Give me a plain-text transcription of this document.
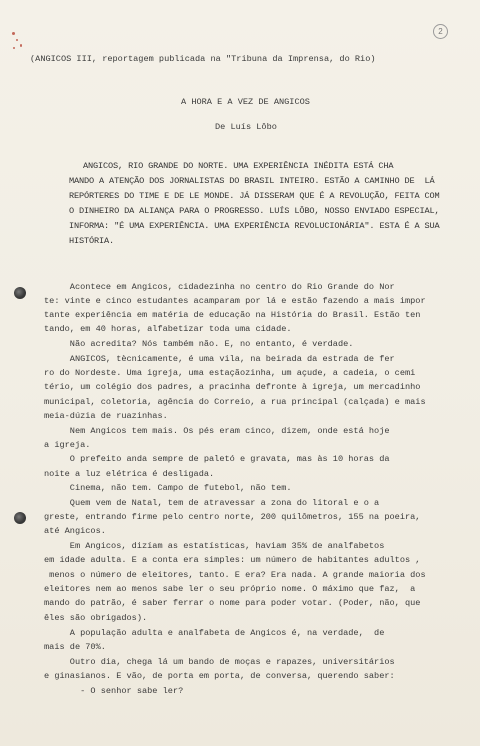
2
(ANGICOS III, reportagem publicada na "Tribuna da Imprensa, do Rio)
A HORA E A VEZ DE ANGICOS
De Luís Lôbo
ANGICOS, RIO GRANDE DO NORTE. UMA EXPERIÊNCIA INÉDITA ESTÁ CHA
MANDO A ATENÇÃO DOS JORNALISTAS DO BRASIL INTEIRO. ESTÃO A CAMINHO DE  LÁ
REPÓRTERES DO TIME E DE LE MONDE. JÁ DISSERAM QUE É A REVOLUÇÃO, FEITA COM
O DINHEIRO DA ALIANÇA PARA O PROGRESSO. LUÍS LÔBO, NOSSO ENVIADO ESPECIAL,
INFORMA: "É UMA EXPERIÊNCIA. UMA EXPERIÊNCIA REVOLUCIONÁRIA". ESTA É A SUA
HISTÓRIA.
Acontece em Angicos, cidadezinha no centro do Rio Grande do Nor
te: vinte e cinco estudantes acamparam por lá e estão fazendo a mais impor
tante experiência em matéria de educação na História do Brasil. Estão ten
tando, em 40 horas, alfabetizar toda uma cidade.
Não acredita? Nós também não. E, no entanto, é verdade.
ANGICOS, tècnicamente, é uma vila, na beirada da estrada de fer
ro do Nordeste. Uma igreja, uma estaçãozinha, um açude, a cadeia, o cemi
tério, um colégio dos padres, a pracinha defronte à igreja, um mercadinho
municipal, coletoria, agência do Correio, a rua principal (calçada) e mais
meia-dúzia de ruazinhas.
Nem Angicos tem mais. Os pés eram cinco, dizem, onde está hoje
a igreja.
O prefeito anda sempre de paletó e gravata, mas às 10 horas da
noite a luz elétrica é desligada.
Cinema, não tem. Campo de futebol, não tem.
Quem vem de Natal, tem de atravessar a zona do litoral e o a
greste, entrando firme pelo centro norte, 200 quilômetros, 155 na poeira,
até Angicos.
Em Angicos, dizíam as estatísticas, haviam 35% de analfabetos
em idade adulta. E a conta era simples: um número de habitantes adultos ,
menos o número de eleitores, tanto. E era? Era nada. A grande maioria dos
eleitores nem ao menos sabe ler o seu próprio nome. O máximo que faz,  a
mando do patrão, é saber ferrar o nome para poder votar. (Poder, não, que
êles são obrigados).
A população adulta e analfabeta de Angicos é, na verdade,  de
mais de 70%.
Outro dia, chega lá um bando de moças e rapazes, universitários
e ginasianos. E vão, de porta em porta, de conversa, querendo saber:
- O senhor sabe ler?
